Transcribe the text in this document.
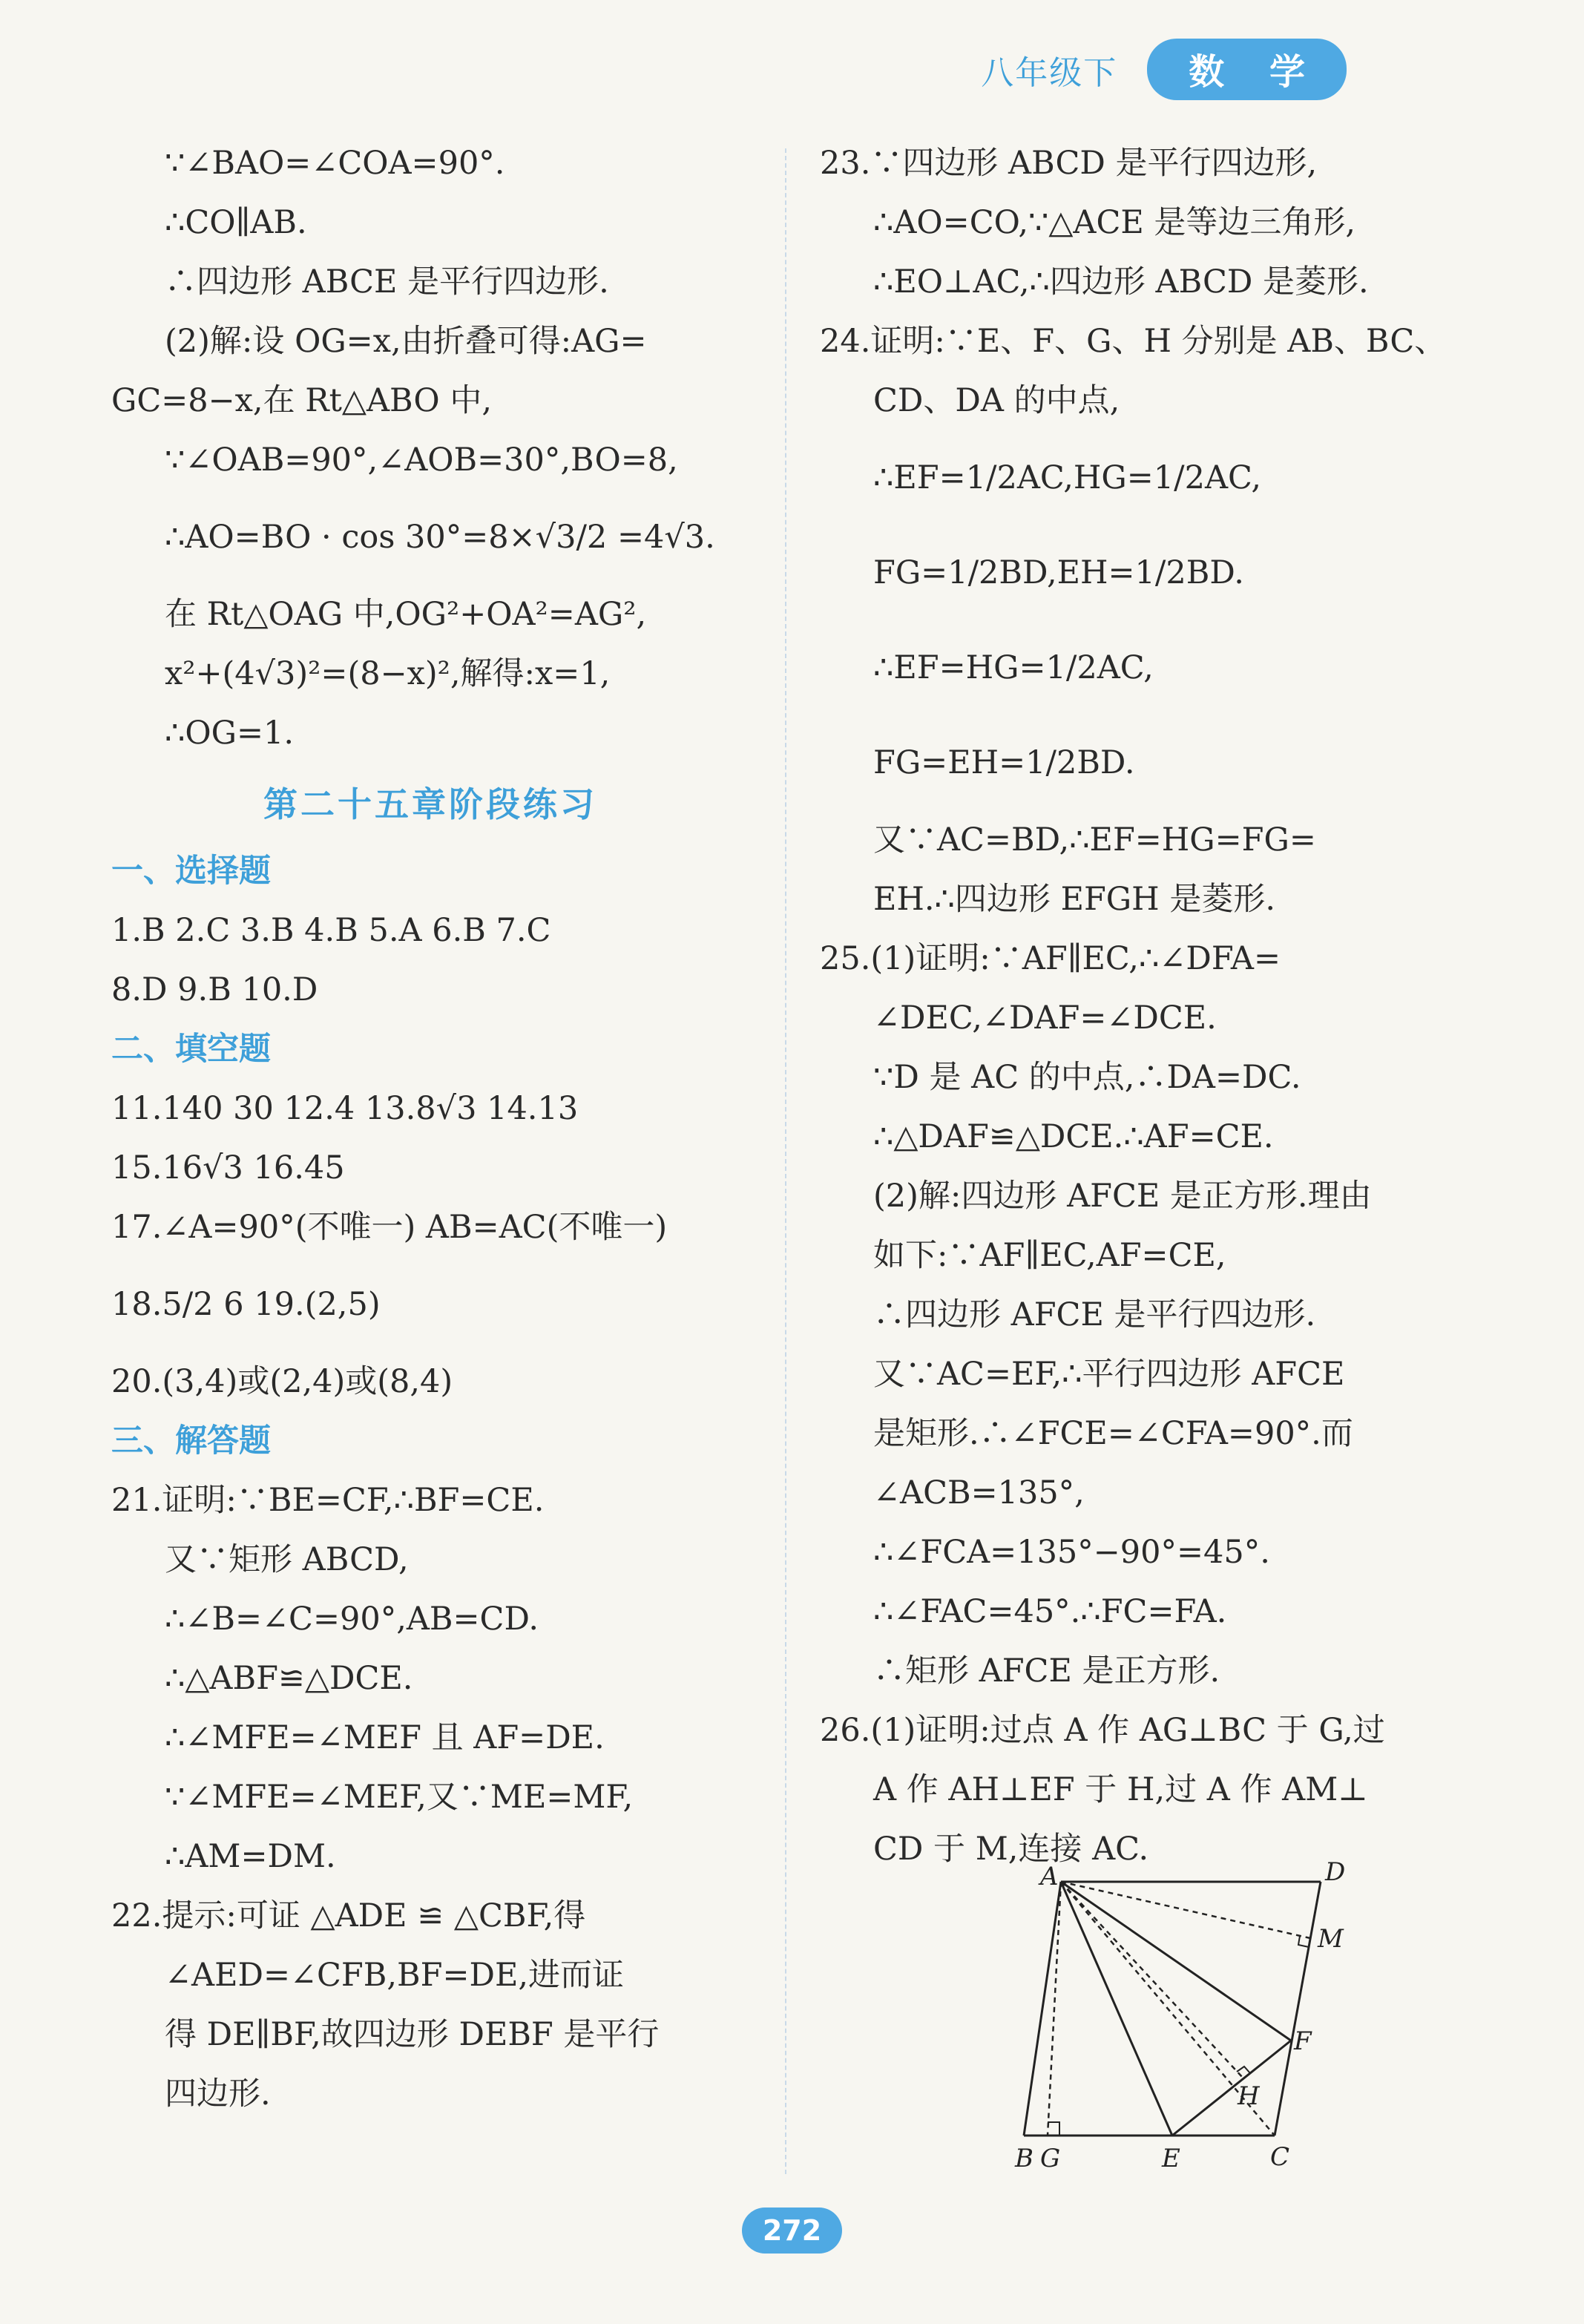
八年级下	数 学
∵∠BAO=∠COA=90°.
∴CO∥AB.
∴四边形 ABCE 是平行四边形.
(2)解:设 OG=x,由折叠可得:AG=
GC=8−x,在 Rt△ABO 中,
∵∠OAB=90°,∠AOB=30°,BO=8,
∴AO=BO · cos 30°=8×√3/2 =4√3.
在 Rt△OAG 中,OG²+OA²=AG²,
x²+(4√3)²=(8−x)²,解得:x=1,
∴OG=1.
第二十五章阶段练习
一、选择题
1.B 2.C 3.B 4.B 5.A 6.B 7.C
8.D 9.B 10.D
二、填空题
11.140 30 12.4 13.8√3 14.13
15.16√3 16.45
17.∠A=90°(不唯一) AB=AC(不唯一)
18.5/2 6 19.(2,5)
20.(3,4)或(2,4)或(8,4)
三、解答题
21.证明:∵BE=CF,∴BF=CE.
又∵矩形 ABCD,
∴∠B=∠C=90°,AB=CD.
∴△ABF≌△DCE.
∴∠MFE=∠MEF 且 AF=DE.
∵∠MFE=∠MEF,又∵ME=MF,
∴AM=DM.
22.提示:可证 △ADE ≌ △CBF,得
∠AED=∠CFB,BF=DE,进而证
得 DE∥BF,故四边形 DEBF 是平行
四边形.
23.∵四边形 ABCD 是平行四边形,
∴AO=CO,∵△ACE 是等边三角形,
∴EO⊥AC,∴四边形 ABCD 是菱形.
24.证明:∵E、F、G、H 分别是 AB、BC、
CD、DA 的中点,
∴EF=1/2AC,HG=1/2AC,
FG=1/2BD,EH=1/2BD.
∴EF=HG=1/2AC,
FG=EH=1/2BD.
又∵AC=BD,∴EF=HG=FG=
EH.∴四边形 EFGH 是菱形.
25.(1)证明:∵AF∥EC,∴∠DFA=
∠DEC,∠DAF=∠DCE.
∵D 是 AC 的中点,∴DA=DC.
∴△DAF≌△DCE.∴AF=CE.
(2)解:四边形 AFCE 是正方形.理由
如下:∵AF∥EC,AF=CE,
∴四边形 AFCE 是平行四边形.
又∵AC=EF,∴平行四边形 AFCE
是矩形.∴∠FCE=∠CFA=90°.而
∠ACB=135°,
∴∠FCA=135°−90°=45°.
∴∠FAC=45°.∴FC=FA.
∴矩形 AFCE 是正方形.
26.(1)证明:过点 A 作 AG⊥BC 于 G,过
A 作 AH⊥EF 于 H,过 A 作 AM⊥
CD 于 M,连接 AC.
A	D
M
F
H
B G	E	C
272
